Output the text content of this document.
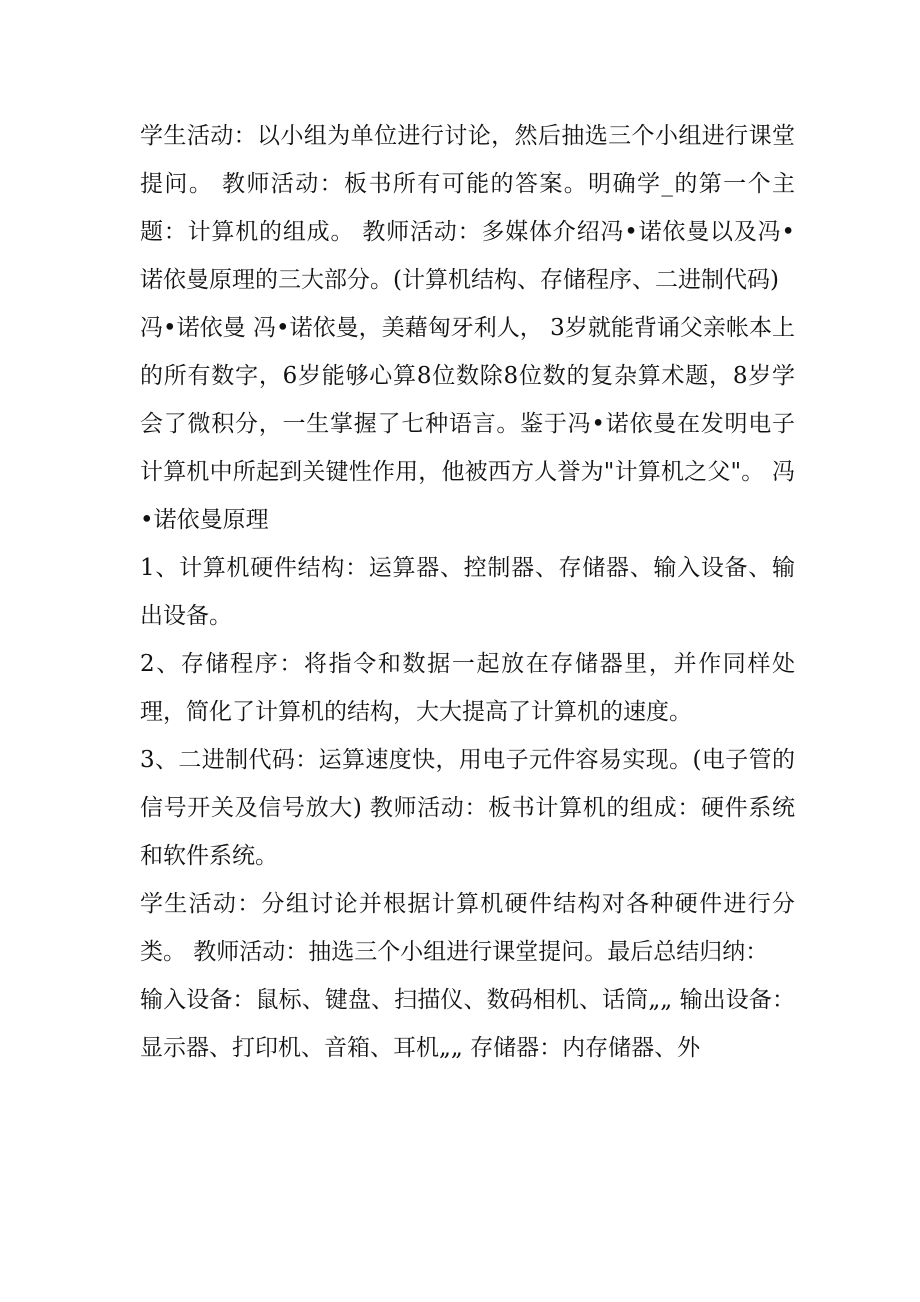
学生活动：以小组为单位进行讨论，然后抽选三个小组进行课堂提问。 教师活动：板书所有可能的答案。明确学_的第一个主题：计算机的组成。 教师活动：多媒体介绍冯•诺依曼以及冯•诺依曼原理的三大部分。(计算机结构、存储程序、二进制代码)

冯•诺依曼 冯•诺依曼，美藉匈牙利人， 3岁就能背诵父亲帐本上的所有数字，6岁能够心算8位数除8位数的复杂算术题，8岁学会了微积分，一生掌握了七种语言。鉴于冯•诺依曼在发明电子计算机中所起到关键性作用，他被西方人誉为"计算机之父"。 冯•诺依曼原理

1、计算机硬件结构：运算器、控制器、存储器、输入设备、输出设备。

2、存储程序：将指令和数据一起放在存储器里，并作同样处理，简化了计算机的结构，大大提高了计算机的速度。

3、二进制代码：运算速度快，用电子元件容易实现。(电子管的信号开关及信号放大) 教师活动：板书计算机的组成：硬件系统和软件系统。

学生活动：分组讨论并根据计算机硬件结构对各种硬件进行分类。 教师活动：抽选三个小组进行课堂提问。最后总结归纳：

输入设备：鼠标、键盘、扫描仪、数码相机、话筒„„ 输出设备：显示器、打印机、音箱、耳机„„ 存储器：内存储器、外
